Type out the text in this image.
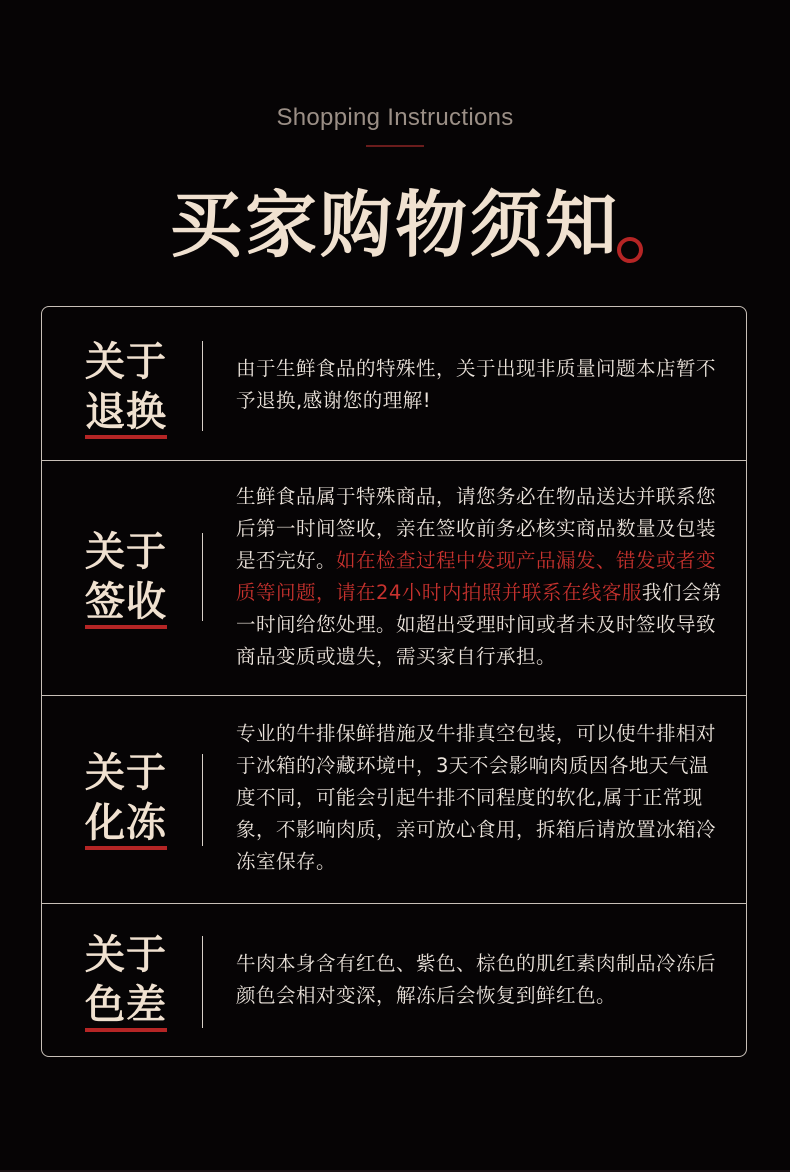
Shopping Instructions
买家购物须知
关于
退换
由于生鲜食品的特殊性，关于出现非质量问题本店暂不予退换,感谢您的理解!
关于
签收
生鲜食品属于特殊商品，请您务必在物品送达并联系您后第一时间签收，亲在签收前务必核实商品数量及包装是否完好。如在检查过程中发现产品漏发、错发或者变质等问题，请在24小时内拍照并联系在线客服我们会第一时间给您处理。如超出受理时间或者未及时签收导致商品变质或遗失，需买家自行承担。
关于
化冻
专业的牛排保鲜措施及牛排真空包装，可以使牛排相对于冰箱的冷藏环境中，3天不会影响肉质因各地天气温度不同，可能会引起牛排不同程度的软化,属于正常现象，不影响肉质，亲可放心食用，拆箱后请放置冰箱冷冻室保存。
关于
色差
牛肉本身含有红色、紫色、棕色的肌红素肉制品冷冻后颜色会相对变深，解冻后会恢复到鲜红色。
